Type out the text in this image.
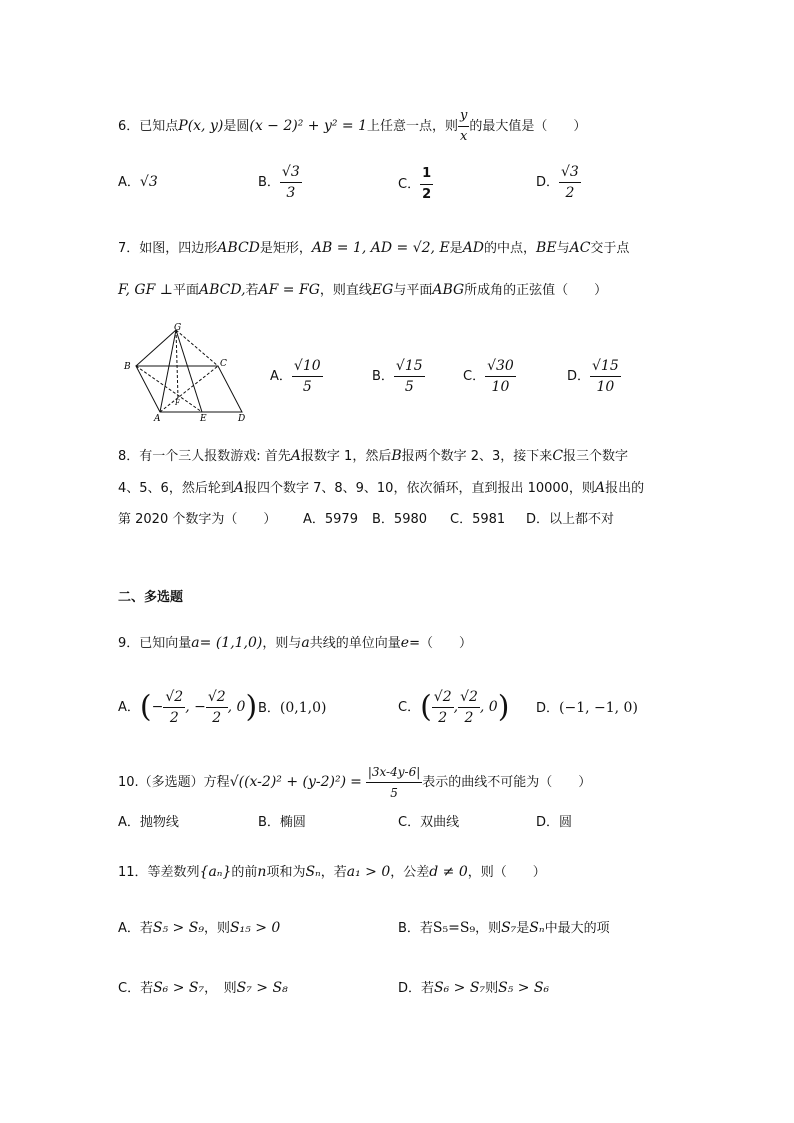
6．已知点P(x, y)是圆(x − 2)² + y² = 1上任意一点，则 $\frac{y}{x}$ 的最大值是（　　）
A．√3	B． $\frac{√3}{3}$	C． $\frac{1}{2}$	D． $\frac{√3}{2}$
7．如图，四边形ABCD是矩形，AB = 1, AD = √2, E是AD的中点，BE与AC交于点
F, GF ⊥平面ABCD,若AF = FG，则直线EG与平面ABG所成角的正弦值（　　）
G
B	C
A	E	D
F
A． $\frac{√10}{5}$	B． $\frac{√15}{5}$	C． $\frac{√30}{10}$	D． $\frac{√15}{10}$
8．有一个三人报数游戏: 首先A报数字 1，然后B报两个数字 2、3，接下来C报三个数字
4、5、6，然后轮到A报四个数字 7、8、9、10，依次循环，直到报出 10000，则A报出的
第 2020 个数字为（　　） A．5979 B．5980 C．5981 D．以上都不对
二、多选题
9．已知向量a= (1,1,0)，则与a共线的单位向量e=（　　）
A．(− $\frac{√2}{2}$ , − $\frac{√2}{2}$ , 0) B．(0,1,0)	C．( $\frac{√2}{2}$ , $\frac{√2}{2}$ , 0) D．(−1, −1, 0)
10.（多选题）方程$√((x-2)^2 + (y-2)^2) = \frac{|3x-4y-6|}{5}$ 表示的曲线不可能为（　　）
A．抛物线	B．椭圆	C．双曲线	D．圆
11．等差数列{aₙ}的前n项和为Sₙ，若a₁ > 0，公差d ≠ 0，则（　　）
A．若S₅ > S₉，则S₁₅ > 0	B．若S₅=S₉，则S₇是Sₙ中最大的项
C．若S₆ > S₇，　则S₇ > S₈	D．若S₆ > S₇则S₅ > S₆
